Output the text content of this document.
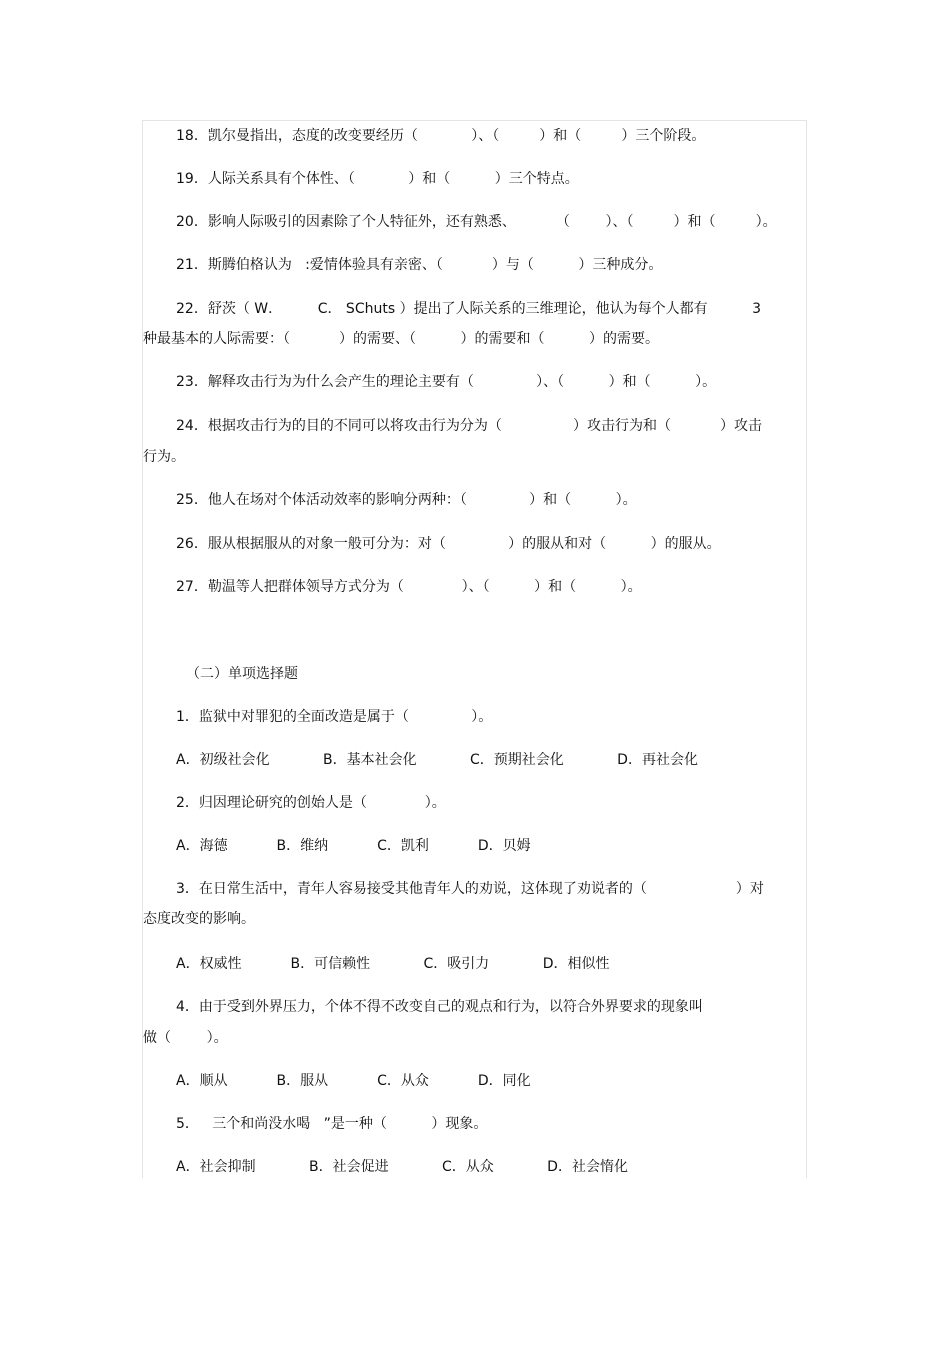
18．凯尔曼指出，态度的改变要经历（            ）、（         ）和（         ）三个阶段。
19．人际关系具有个体性、（            ）和（          ）三个特点。
20．影响人际吸引的因素除了个人特征外，还有熟悉、         （        ）、（         ）和（         ）。
21．斯腾伯格认为   :爱情体验具有亲密、（           ）与（          ）三种成分。
22．舒茨（ W．        C． SChuts ）提出了人际关系的三维理论，他认为每个人都有          3
种最基本的人际需要：（           ）的需要、（          ）的需要和（          ）的需要。
23．解释攻击行为为什么会产生的理论主要有（              ）、（          ）和（          ）。
24．根据攻击行为的目的不同可以将攻击行为分为（                ）攻击行为和（           ）攻击
行为。
25．他人在场对个体活动效率的影响分两种：（              ）和（          ）。
26．服从根据服从的对象一般可分为：对（              ）的服从和对（          ）的服从。
27．勒温等人把群体领导方式分为（             ）、（          ）和（          ）。
（二）单项选择题
1．监狱中对罪犯的全面改造是属于（              ）。
A．初级社会化            B．基本社会化            C．预期社会化            D．再社会化
2．归因理论研究的创始人是（             ）。
A．海德           B．维纳           C．凯利           D．贝姆
3．在日常生活中，青年人容易接受其他青年人的劝说，这体现了劝说者的（                    ）对
态度改变的影响。
A．权威性           B．可信赖性            C．吸引力            D．相似性
4．由于受到外界压力，个体不得不改变自己的观点和行为，以符合外界要求的现象叫
做（        ）。
A．顺从           B．服从           C．从众           D．同化
5．   三个和尚没水喝   ”是一种（          ）现象。
A．社会抑制            B．社会促进            C．从众            D．社会惰化
